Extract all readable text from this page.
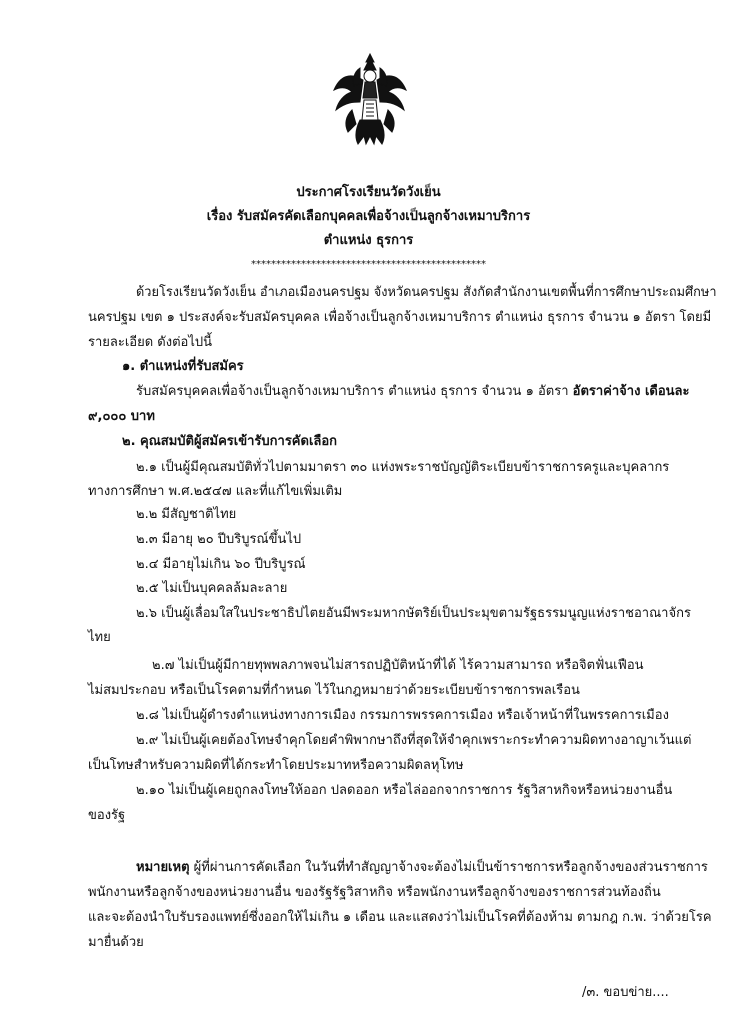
ประกาศโรงเรียนวัดวังเย็น
เรื่อง รับสมัครคัดเลือกบุคคลเพื่อจ้างเป็นลูกจ้างเหมาบริการ
ตำแหน่ง ธุรการ
***********************************************
ด้วยโรงเรียนวัดวังเย็น อำเภอเมืองนครปฐม จังหวัดนครปฐม สังกัดสำนักงานเขตพื้นที่การศึกษาประถมศึกษา
นครปฐม เขต ๑ ประสงค์จะรับสมัครบุคคล เพื่อจ้างเป็นลูกจ้างเหมาบริการ ตำแหน่ง ธุรการ จำนวน ๑ อัตรา โดยมี
รายละเอียด ดังต่อไปนี้
๑. ตำแหน่งที่รับสมัคร
รับสมัครบุคคลเพื่อจ้างเป็นลูกจ้างเหมาบริการ ตำแหน่ง ธุรการ จำนวน ๑ อัตรา อัตราค่าจ้าง เดือนละ
๙,๐๐๐ บาท
๒. คุณสมบัติผู้สมัครเข้ารับการคัดเลือก
๒.๑ เป็นผู้มีคุณสมบัติทั่วไปตามมาตรา ๓๐ แห่งพระราชบัญญัติระเบียบข้าราชการครูและบุคลากร
ทางการศึกษา พ.ศ.๒๕๔๗ และที่แก้ไขเพิ่มเติม
๒.๒ มีสัญชาติไทย
๒.๓ มีอายุ ๒๐ ปีบริบูรณ์ขึ้นไป
๒.๔ มีอายุไม่เกิน ๖๐ ปีบริบูรณ์
๒.๕ ไม่เป็นบุคคลล้มละลาย
๒.๖ เป็นผู้เลื่อมใสในประชาธิปไตยอันมีพระมหากษัตริย์เป็นประมุขตามรัฐธรรมนูญแห่งราชอาณาจักร
ไทย
๒.๗ ไม่เป็นผู้มีกายทุพพลภาพจนไม่สารถปฏิบัติหน้าที่ได้ ไร้ความสามารถ หรือจิตฟั่นเฟือน
ไม่สมประกอบ หรือเป็นโรคตามที่กำหนด ไว้ในกฎหมายว่าด้วยระเบียบข้าราชการพลเรือน
๒.๘ ไม่เป็นผู้ดำรงตำแหน่งทางการเมือง กรรมการพรรคการเมือง หรือเจ้าหน้าที่ในพรรคการเมือง
๒.๙ ไม่เป็นผู้เคยต้องโทษจำคุกโดยคำพิพากษาถึงที่สุดให้จำคุกเพราะกระทำความผิดทางอาญาเว้นแต่
เป็นโทษสำหรับความผิดที่ได้กระทำโดยประมาทหรือความผิดลหุโทษ
๒.๑๐ ไม่เป็นผู้เคยถูกลงโทษให้ออก ปลดออก หรือไล่ออกจากราชการ รัฐวิสาหกิจหรือหน่วยงานอื่น
ของรัฐ
หมายเหตุ ผู้ที่ผ่านการคัดเลือก ในวันที่ทำสัญญาจ้างจะต้องไม่เป็นข้าราชการหรือลูกจ้างของส่วนราชการ
พนักงานหรือลูกจ้างของหน่วยงานอื่น ของรัฐรัฐวิสาหกิจ หรือพนักงานหรือลูกจ้างของราชการส่วนท้องถิ่น
และจะต้องนำใบรับรองแพทย์ซึ่งออกให้ไม่เกิน ๑ เดือน และแสดงว่าไม่เป็นโรคที่ต้องห้าม ตามกฎ ก.พ. ว่าด้วยโรค
มายื่นด้วย
/๓. ขอบข่าย....
